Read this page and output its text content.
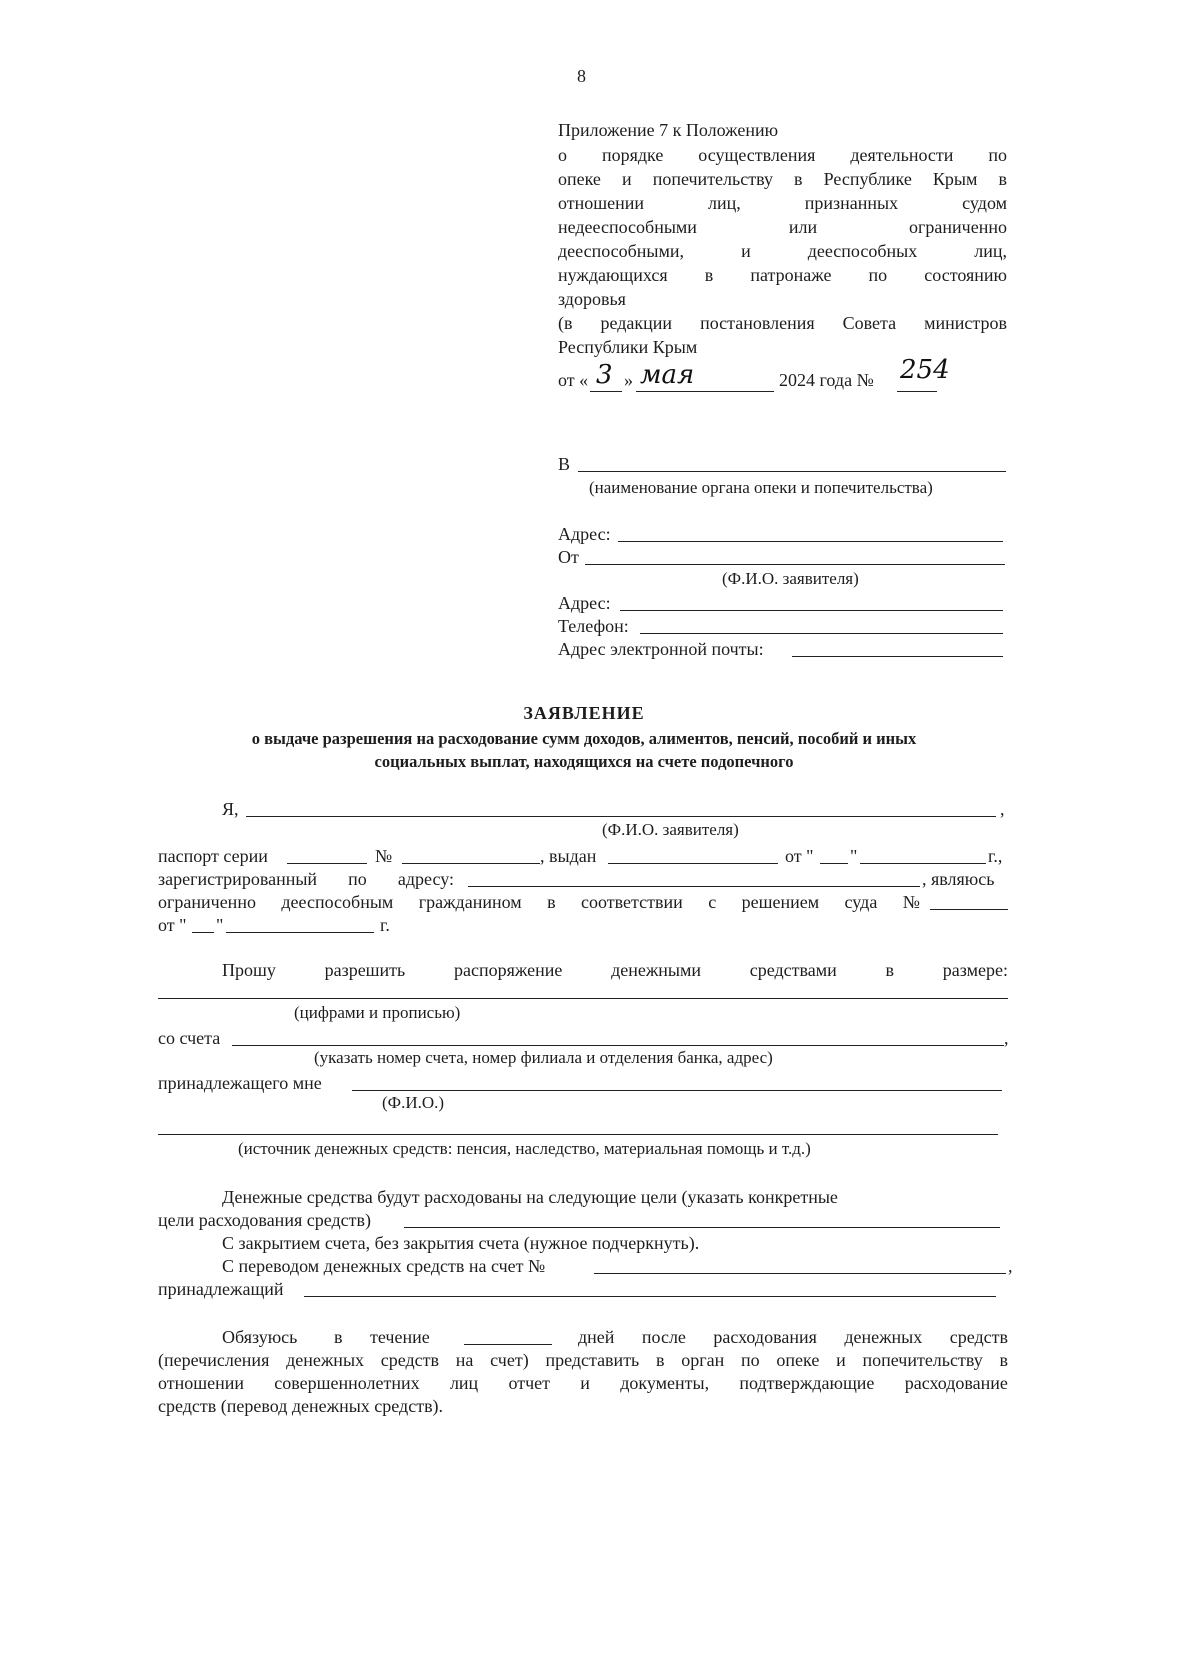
8
Приложение 7 к Положению
о порядке осуществления деятельности по
опеке и попечительству в Республике Крым в
отношении лиц, признанных судом
недееспособными или ограниченно
дееспособными, и дееспособных лиц,
нуждающихся в патронаже по состоянию
здоровья
(в редакции постановления Совета министров
Республики Крым
от « 3 » мая	2024 года № 254
В
(наименование органа опеки и попечительства)
Адрес:
От
(Ф.И.О. заявителя)
Адрес:
Телефон:
Адрес электронной почты:
ЗАЯВЛЕНИЕ
о выдаче разрешения на расходование сумм доходов, алиментов, пенсий, пособий и иных
социальных выплат, находящихся на счете подопечного
Я,	,
(Ф.И.О. заявителя)
паспорт серии	№	, выдан	от " "	г.,
зарегистрированный по адресу:	, являюсь
ограниченно дееспособным гражданином в соответствии с решением суда №
от " "	г.
Прошу	разрешить	распоряжение	денежными	средствами	в	размере:
(цифрами и прописью)
со счета	,
(указать номер счета, номер филиала и отделения банка, адрес)
принадлежащего мне
(Ф.И.О.)
(источник денежных средств: пенсия, наследство, материальная помощь и т.д.)
Денежные средства будут расходованы на следующие цели (указать конкретные
цели расходования средств)
С закрытием счета, без закрытия счета (нужное подчеркнуть).
С переводом денежных средств на счет №	,
принадлежащий
Обязуюсь в течение	дней после расходования денежных средств
(перечисления денежных средств на счет) представить в орган по опеке и попечительству в
отношении совершеннолетних лиц отчет и документы, подтверждающие расходование
средств (перевод денежных средств).
